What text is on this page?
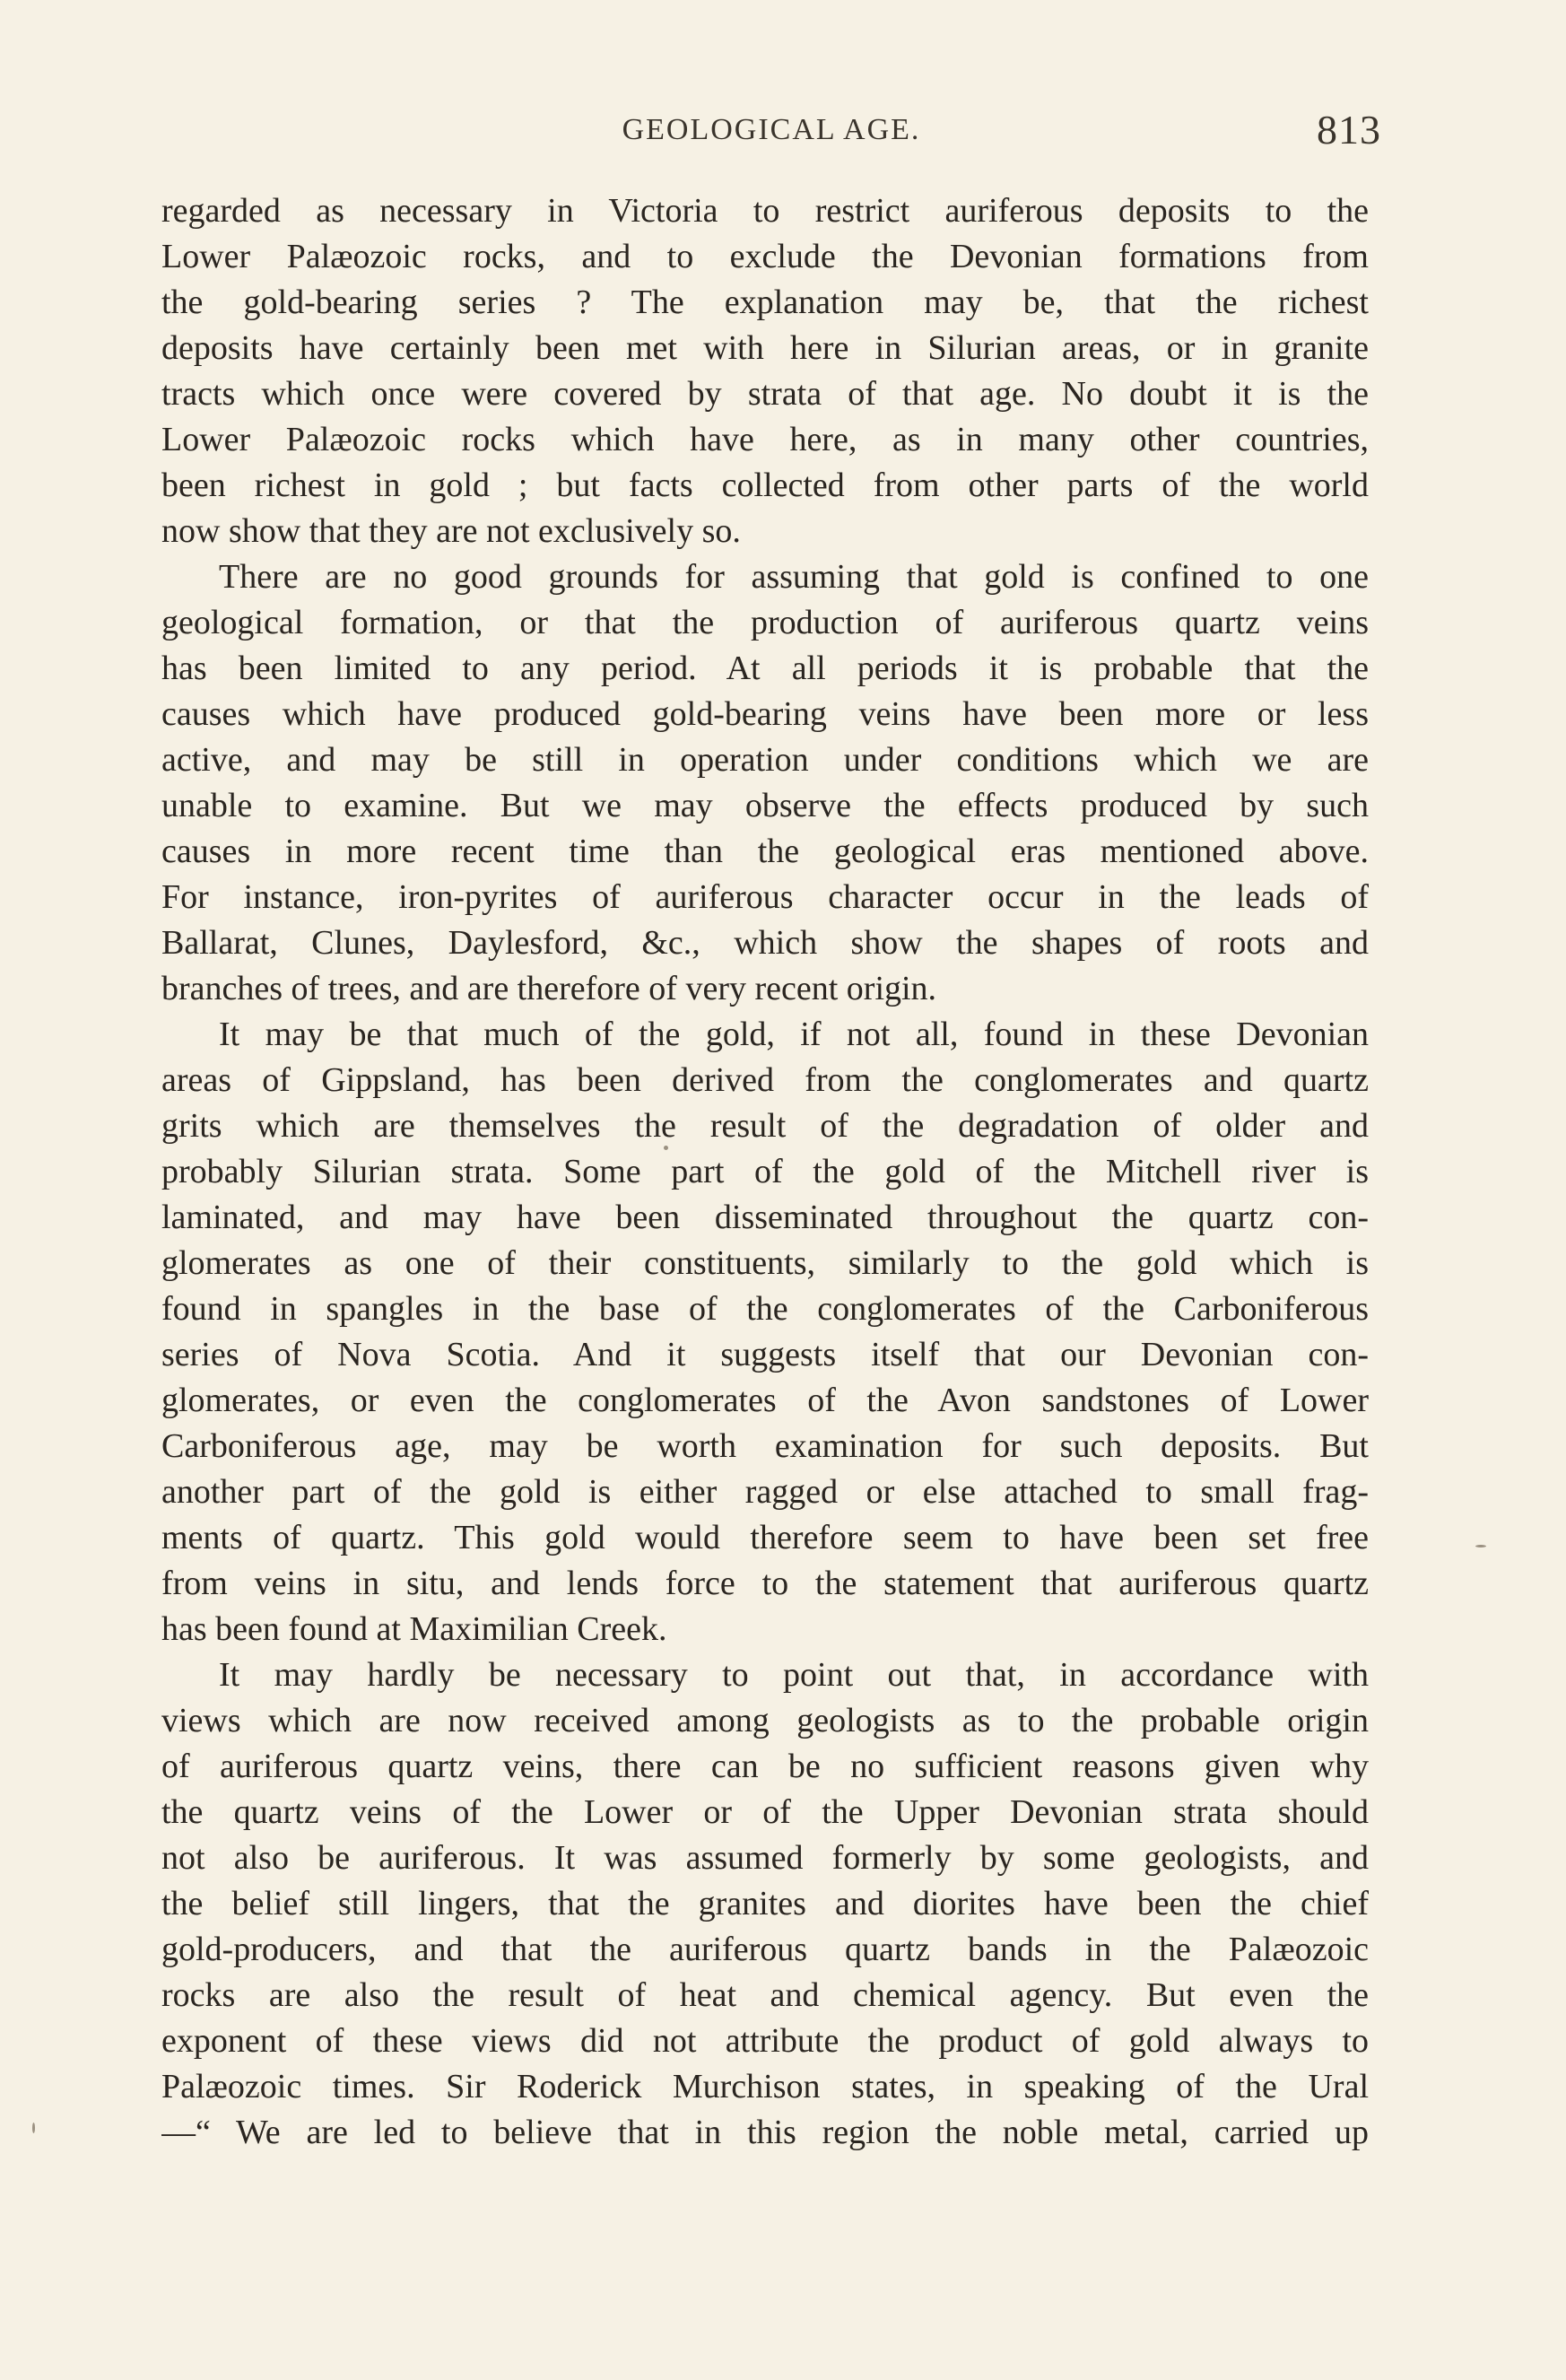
GEOLOGICAL AGE.	813
regarded as necessary in Victoria to restrict auriferous deposits to the
Lower Palæozoic rocks, and to exclude the Devonian formations from
the gold-bearing series ? The explanation may be, that the richest
deposits have certainly been met with here in Silurian areas, or in granite
tracts which once were covered by strata of that age. No doubt it is the
Lower Palæozoic rocks which have here, as in many other countries,
been richest in gold ; but facts collected from other parts of the world
now show that they are not exclusively so.
There are no good grounds for assuming that gold is confined to one
geological formation, or that the production of auriferous quartz veins
has been limited to any period. At all periods it is probable that the
causes which have produced gold-bearing veins have been more or less
active, and may be still in operation under conditions which we are
unable to examine. But we may observe the effects produced by such
causes in more recent time than the geological eras mentioned above.
For instance, iron-pyrites of auriferous character occur in the leads of
Ballarat, Clunes, Daylesford, &c., which show the shapes of roots and
branches of trees, and are therefore of very recent origin.
It may be that much of the gold, if not all, found in these Devonian
areas of Gippsland, has been derived from the conglomerates and quartz
grits which are themselves the result of the degradation of older and
probably Silurian strata. Some part of the gold of the Mitchell river is
laminated, and may have been disseminated throughout the quartz con-
glomerates as one of their constituents, similarly to the gold which is
found in spangles in the base of the conglomerates of the Carboniferous
series of Nova Scotia. And it suggests itself that our Devonian con-
glomerates, or even the conglomerates of the Avon sandstones of Lower
Carboniferous age, may be worth examination for such deposits. But
another part of the gold is either ragged or else attached to small frag-
ments of quartz. This gold would therefore seem to have been set free
from veins in situ, and lends force to the statement that auriferous quartz
has been found at Maximilian Creek.
It may hardly be necessary to point out that, in accordance with
views which are now received among geologists as to the probable origin
of auriferous quartz veins, there can be no sufficient reasons given why
the quartz veins of the Lower or of the Upper Devonian strata should
not also be auriferous. It was assumed formerly by some geologists, and
the belief still lingers, that the granites and diorites have been the chief
gold-producers, and that the auriferous quartz bands in the Palæozoic
rocks are also the result of heat and chemical agency. But even the
exponent of these views did not attribute the product of gold always to
Palæozoic times. Sir Roderick Murchison states, in speaking of the Ural
—“ We are led to believe that in this region the noble metal, carried up
